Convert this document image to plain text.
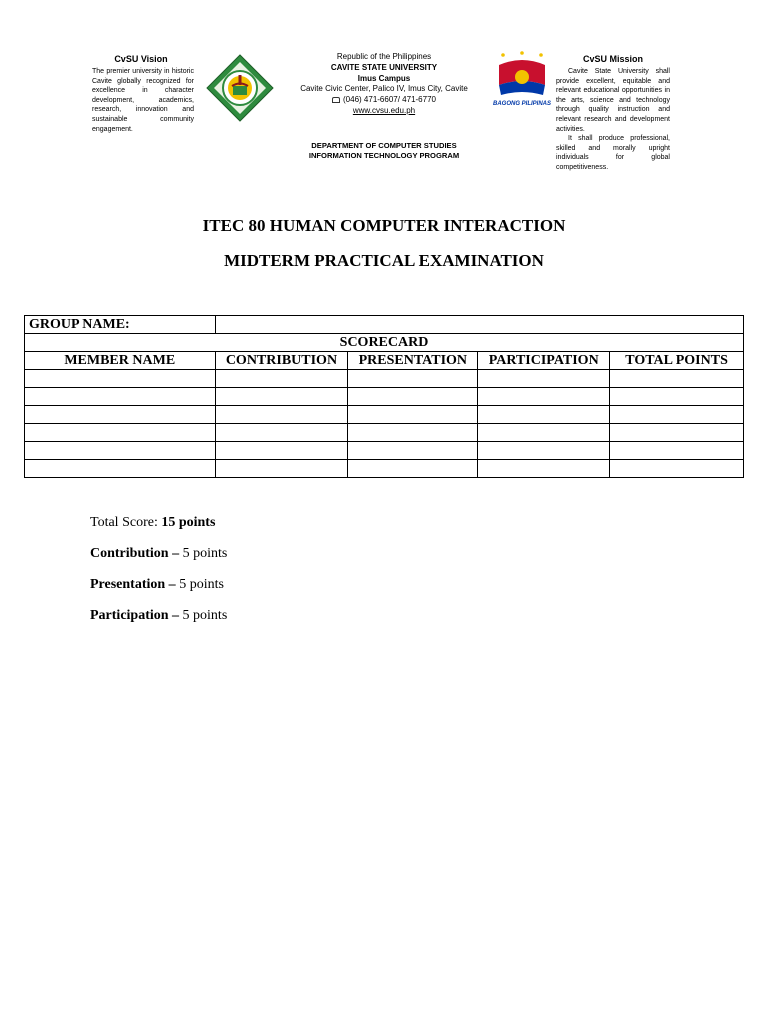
CvSU Vision

The premier university in historic Cavite globally recognized for excellence in character development, academics, research, innovation and sustainable community engagement.

Republic of the Philippines
CAVITE STATE UNIVERSITY
Imus Campus
Cavite Civic Center, Palico IV, Imus City, Cavite
(046) 471-6607/ 471-6770
www.cvsu.edu.ph
DEPARTMENT OF COMPUTER STUDIES
INFORMATION TECHNOLOGY PROGRAM
BAGONG PILIPINAS

CvSU Mission

Cavite State University shall provide excellent, equitable and relevant educational opportunities in the arts, science and technology through quality instruction and relevant research and development activities.

It shall produce professional, skilled and morally upright individuals for global competitiveness.

ITEC 80 HUMAN COMPUTER INTERACTION
MIDTERM PRACTICAL EXAMINATION
GROUP NAME:				
SCORECARD				
MEMBER NAME	CONTRIBUTION	PRESENTATION	PARTICIPATION	TOTAL POINTS

Total Score: 15 points

Contribution – 5 points

Presentation – 5 points

Participation – 5 points
